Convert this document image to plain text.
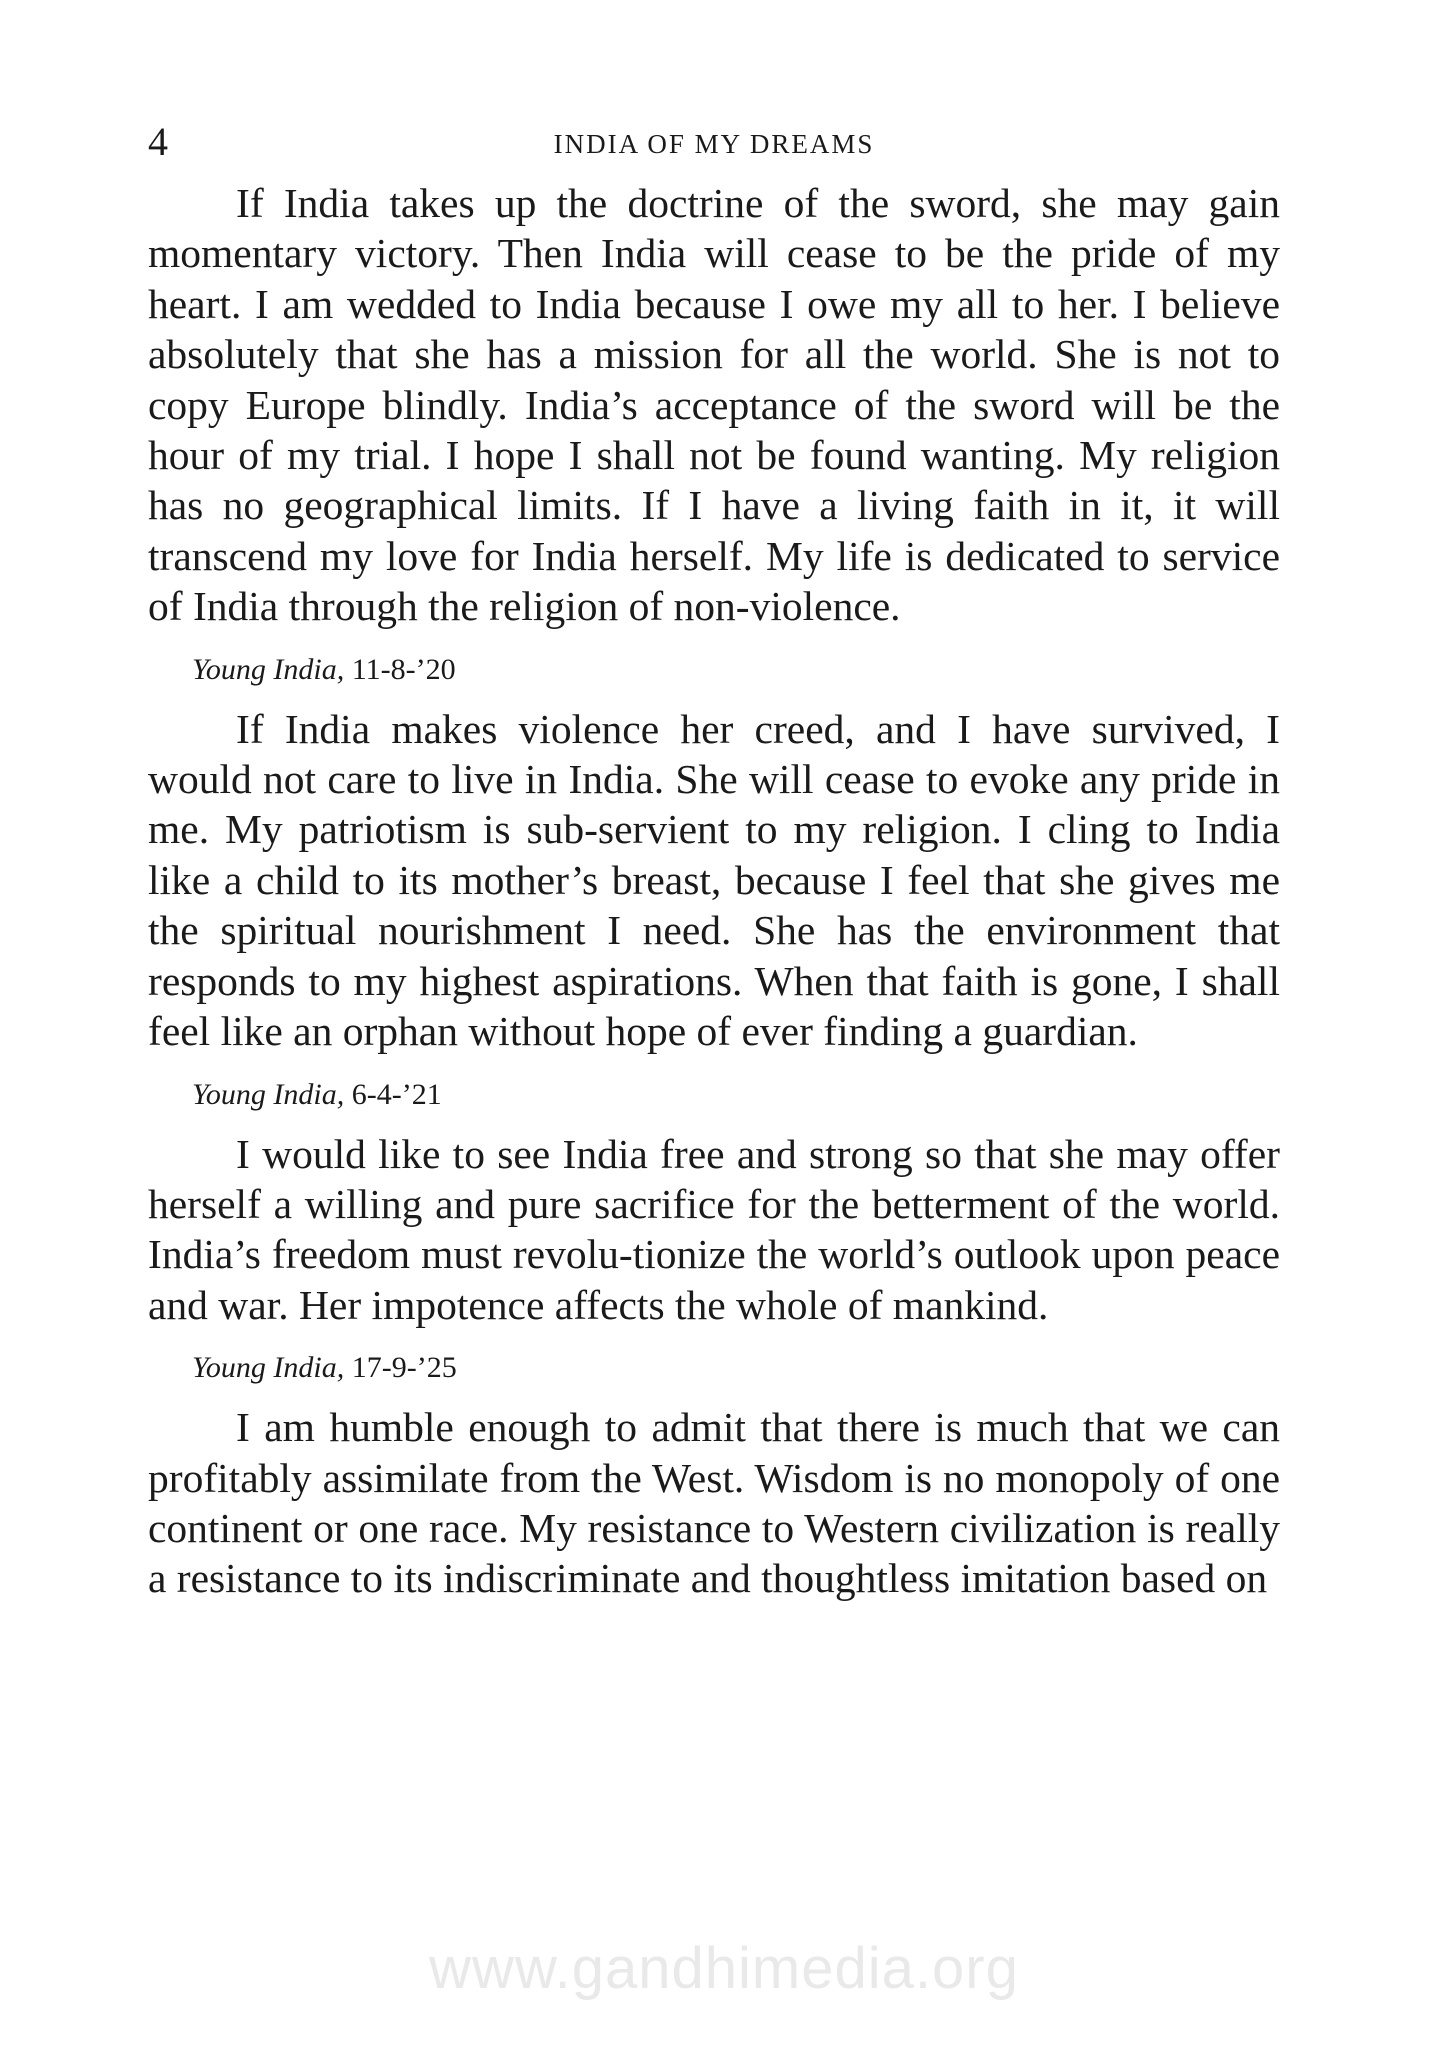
4	INDIA OF MY DREAMS

If India takes up the doctrine of the sword, she may gain momentary victory. Then India will cease to be the pride of my heart. I am wedded to India because I owe my all to her. I believe absolutely that she has a mission for all the world. She is not to copy Europe blindly. India’s acceptance of the sword will be the hour of my trial. I hope I shall not be found wanting. My religion has no geographical limits. If I have a living faith in it, it will transcend my love for India herself. My life is dedicated to service of India through the religion of non-violence.

Young India, 11-8-’20

If India makes violence her creed, and I have survived, I would not care to live in India. She will cease to evoke any pride in me. My patriotism is sub-servient to my religion. I cling to India like a child to its mother’s breast, because I feel that she gives me the spiritual nourishment I need. She has the environment that responds to my highest aspirations. When that faith is gone, I shall feel like an orphan without hope of ever finding a guardian.

Young India, 6-4-’21

I would like to see India free and strong so that she may offer herself a willing and pure sacrifice for the betterment of the world. India’s freedom must revolu-tionize the world’s outlook upon peace and war. Her impotence affects the whole of mankind.

Young India, 17-9-’25

I am humble enough to admit that there is much that we can profitably assimilate from the West. Wisdom is no monopoly of one continent or one race. My resistance to Western civilization is really a resistance to its indiscriminate and thoughtless imitation based on

www.gandhimedia.org
